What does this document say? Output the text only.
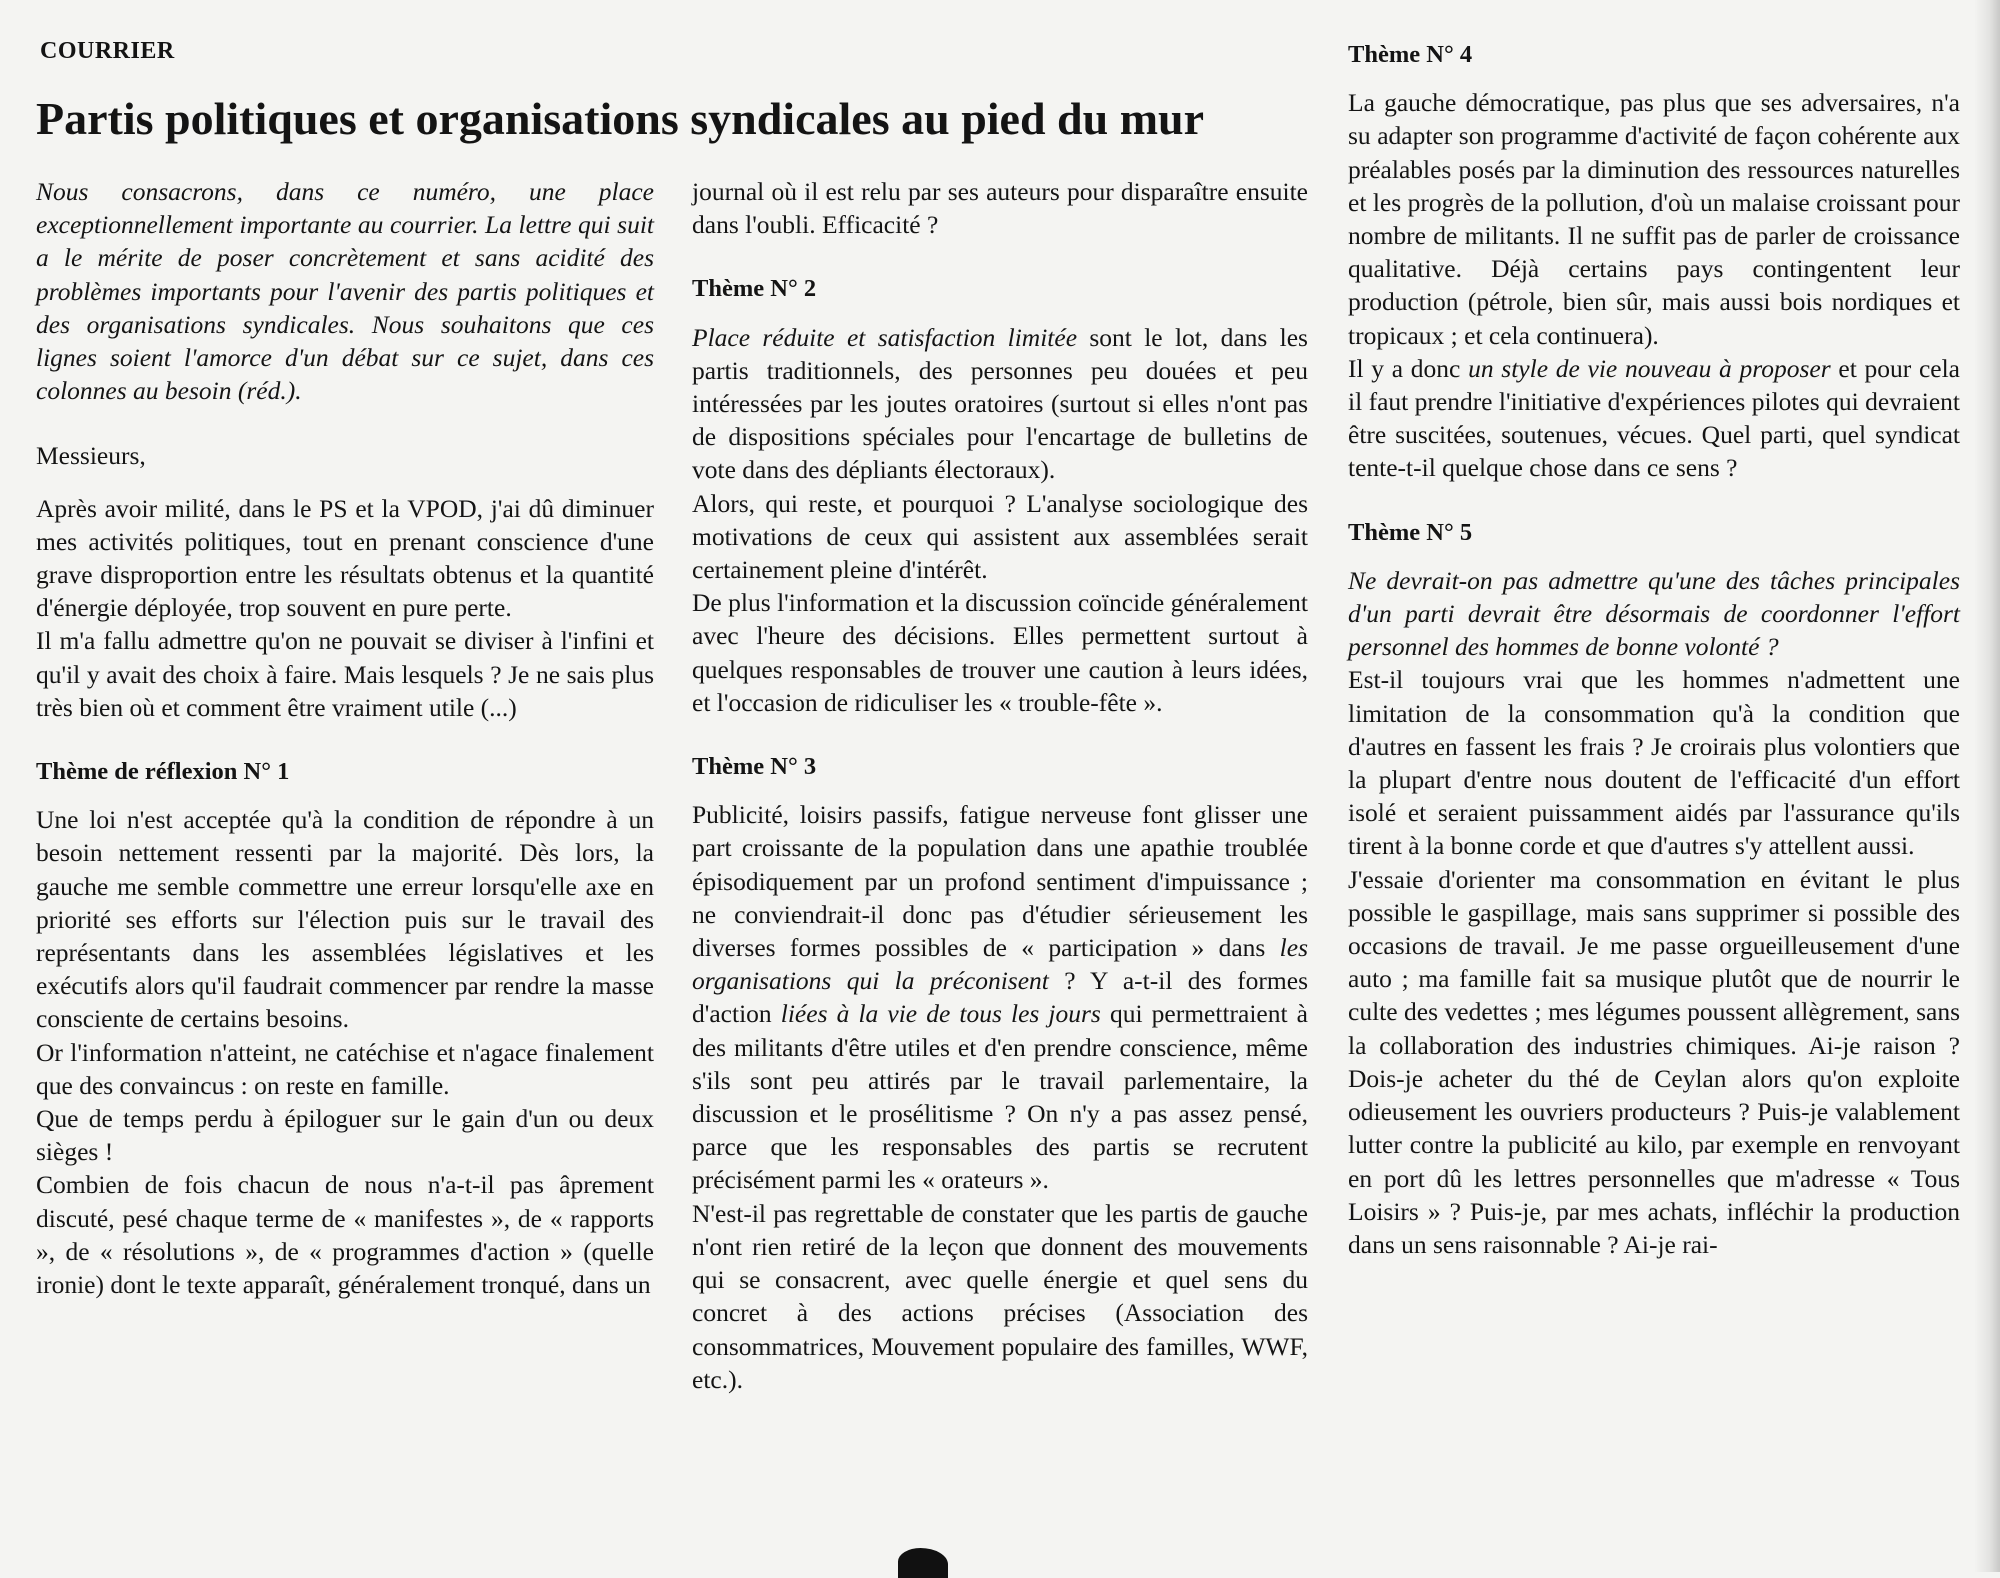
COURRIER
Partis politiques et organisations syndicales au pied du mur

Nous consacrons, dans ce numéro, une place exceptionnellement importante au courrier. La lettre qui suit a le mérite de poser concrètement et sans acidité des problèmes importants pour l'avenir des partis politiques et des organisations syndicales. Nous souhaitons que ces lignes soient l'amorce d'un débat sur ce sujet, dans ces colonnes au besoin (réd.).

Messieurs,

Après avoir milité, dans le PS et la VPOD, j'ai dû diminuer mes activités politiques, tout en prenant conscience d'une grave disproportion entre les résultats obtenus et la quantité d'énergie déployée, trop souvent en pure perte.

Il m'a fallu admettre qu'on ne pouvait se diviser à l'infini et qu'il y avait des choix à faire. Mais lesquels ? Je ne sais plus très bien où et comment être vraiment utile (...)

Thème de réflexion N° 1

Une loi n'est acceptée qu'à la condition de répondre à un besoin nettement ressenti par la majorité. Dès lors, la gauche me semble commettre une erreur lorsqu'elle axe en priorité ses efforts sur l'élection puis sur le travail des représentants dans les assemblées législatives et les exécutifs alors qu'il faudrait commencer par rendre la masse consciente de certains besoins.

Or l'information n'atteint, ne catéchise et n'agace finalement que des convaincus : on reste en famille.

Que de temps perdu à épiloguer sur le gain d'un ou deux sièges !

Combien de fois chacun de nous n'a-t-il pas âprement discuté, pesé chaque terme de « manifestes », de « rapports », de « résolutions », de « programmes d'action » (quelle ironie) dont le texte apparaît, généralement tronqué, dans un

journal où il est relu par ses auteurs pour disparaître ensuite dans l'oubli. Efficacité ?

Thème N° 2

Place réduite et satisfaction limitée sont le lot, dans les partis traditionnels, des personnes peu douées et peu intéressées par les joutes oratoires (surtout si elles n'ont pas de dispositions spéciales pour l'encartage de bulletins de vote dans des dépliants électoraux).

Alors, qui reste, et pourquoi ? L'analyse sociologique des motivations de ceux qui assistent aux assemblées serait certainement pleine d'intérêt.

De plus l'information et la discussion coïncide généralement avec l'heure des décisions. Elles permettent surtout à quelques responsables de trouver une caution à leurs idées, et l'occasion de ridiculiser les « trouble-fête ».

Thème N° 3

Publicité, loisirs passifs, fatigue nerveuse font glisser une part croissante de la population dans une apathie troublée épisodiquement par un profond sentiment d'impuissance ; ne conviendrait-il donc pas d'étudier sérieusement les diverses formes possibles de « participation » dans les organisations qui la préconisent ? Y a-t-il des formes d'action liées à la vie de tous les jours qui permettraient à des militants d'être utiles et d'en prendre conscience, même s'ils sont peu attirés par le travail parlementaire, la discussion et le prosélitisme ? On n'y a pas assez pensé, parce que les responsables des partis se recrutent précisément parmi les « orateurs ».

N'est-il pas regrettable de constater que les partis de gauche n'ont rien retiré de la leçon que donnent des mouvements qui se consacrent, avec quelle énergie et quel sens du concret à des actions précises (Association des consommatrices, Mouvement populaire des familles, WWF, etc.).

Thème N° 4

La gauche démocratique, pas plus que ses adversaires, n'a su adapter son programme d'activité de façon cohérente aux préalables posés par la diminution des ressources naturelles et les progrès de la pollution, d'où un malaise croissant pour nombre de militants. Il ne suffit pas de parler de croissance qualitative. Déjà certains pays contingentent leur production (pétrole, bien sûr, mais aussi bois nordiques et tropicaux ; et cela continuera).

Il y a donc un style de vie nouveau à proposer et pour cela il faut prendre l'initiative d'expériences pilotes qui devraient être suscitées, soutenues, vécues. Quel parti, quel syndicat tente-t-il quelque chose dans ce sens ?

Thème N° 5

Ne devrait-on pas admettre qu'une des tâches principales d'un parti devrait être désormais de coordonner l'effort personnel des hommes de bonne volonté ?

Est-il toujours vrai que les hommes n'admettent une limitation de la consommation qu'à la condition que d'autres en fassent les frais ? Je croirais plus volontiers que la plupart d'entre nous doutent de l'efficacité d'un effort isolé et seraient puissamment aidés par l'assurance qu'ils tirent à la bonne corde et que d'autres s'y attellent aussi.

J'essaie d'orienter ma consommation en évitant le plus possible le gaspillage, mais sans supprimer si possible des occasions de travail. Je me passe orgueilleusement d'une auto ; ma famille fait sa musique plutôt que de nourrir le culte des vedettes ; mes légumes poussent allègrement, sans la collaboration des industries chimiques. Ai-je raison ? Dois-je acheter du thé de Ceylan alors qu'on exploite odieusement les ouvriers producteurs ? Puis-je valablement lutter contre la publicité au kilo, par exemple en renvoyant en port dû les lettres personnelles que m'adresse « Tous Loisirs » ? Puis-je, par mes achats, infléchir la production dans un sens raisonnable ? Ai-je rai-
